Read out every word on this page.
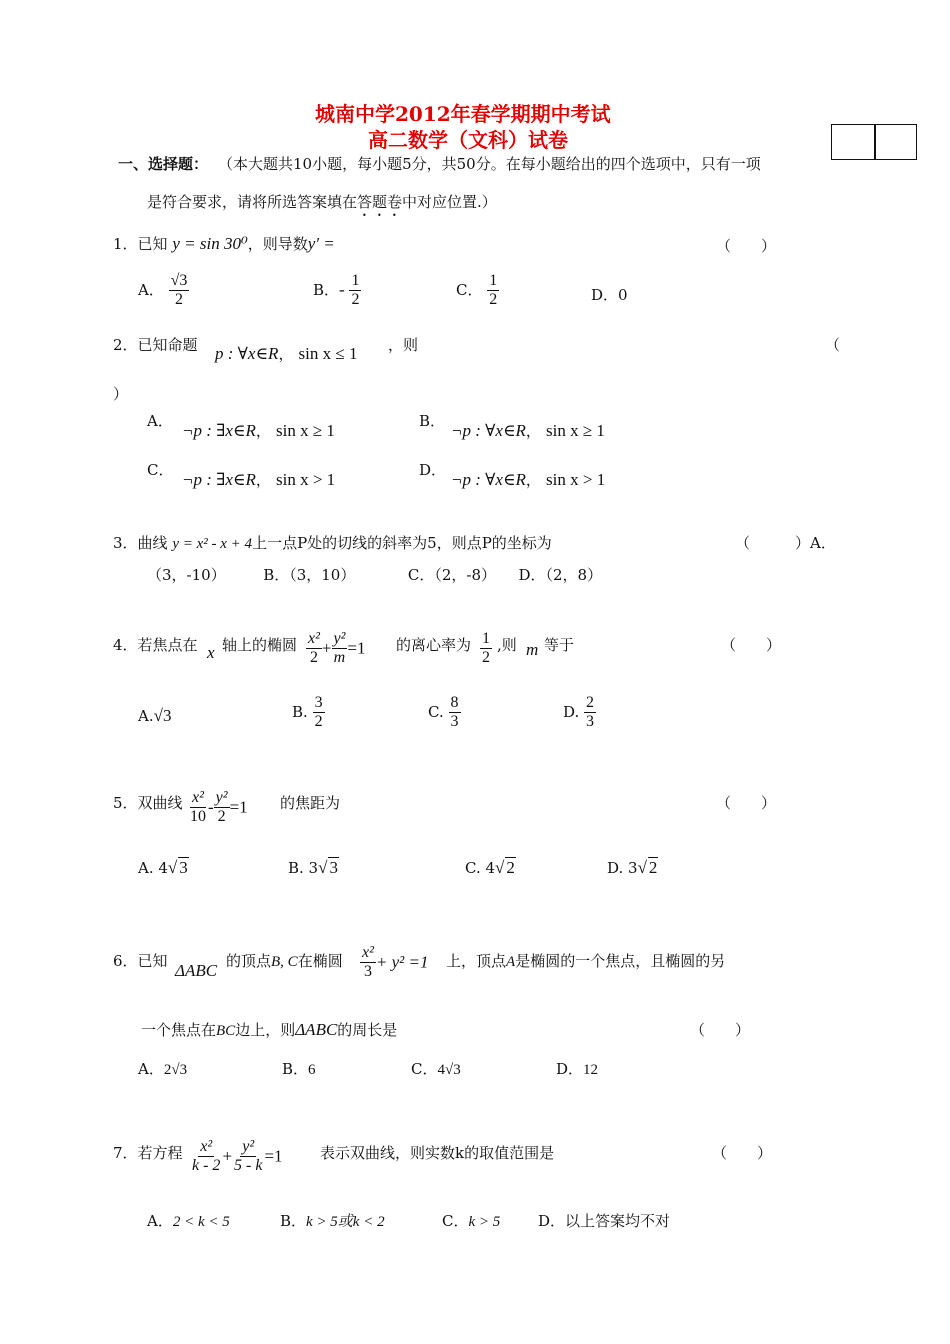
城南中学2012年春学期期中考试
高二数学（文科）试卷
一、选择题： （本大题共10小题，每小题5分，共50分。在每小题给出的四个选项中，只有一项
是符合要求，请将所选答案填在答题卷中对应位置.）
1．已知 y = sin 30⁰，则导数y′ =	（　　）
A． $\frac{√3}{2}$	B．- $\frac{1}{2}$	C． $\frac{1}{2}$	D．0
2．已知命题 p : ∀x∈R， sin x ≤ 1 ，则	（
）
A． ¬p : ∃x∈R， sin x ≥ 1	B． ¬p : ∀x∈R， sin x ≥ 1
C． ¬p : ∃x∈R， sin x > 1	D． ¬p : ∀x∈R， sin x > 1
3．曲线 y = x² - x + 4上一点P处的切线的斜率为5，则点P的坐标为	（　　　）A．
（3，-10）　　　B．（3，10）　　　　C．（2，-8）　　D．（2，8）
4．若焦点在 x 轴上的椭圆 $\frac{\text{x²}}{2} + \frac{\text{y²}}{m} =1$ 的离心率为 $\frac{1}{2}$ ,则 m 等于	（　　）
A.√3	B. $\frac{3}{2}$	C. $\frac{8}{3}$	D. $\frac{2}{3}$
5．双曲线 $\frac{\text{x²}}{10} - \frac{\text{y²}}{2} =1$ 的焦距为	（　　）
A. 4√ 3	B. 3√ 3	C. 4√ 2	D. 3√ 2
6．已知 ΔABC 的顶点B, C在椭圆 $\frac{\text{x²}}{3} + y^2 =1$ 上，顶点A是椭圆的一个焦点，且椭圆的另
一个焦点在BC边上，则ΔABC的周长是	（　　）
A．2√3	B．6	C．4√3	D．12
7．若方程 $\frac{\text{x²}}{k - 2} + \frac{\text{y²}}{5 - k} =1$ 表示双曲线，则实数k的取值范围是	（　　）
A．2 < k < 5	B．k > 5或k < 2	C．k > 5	D．以上答案均不对
